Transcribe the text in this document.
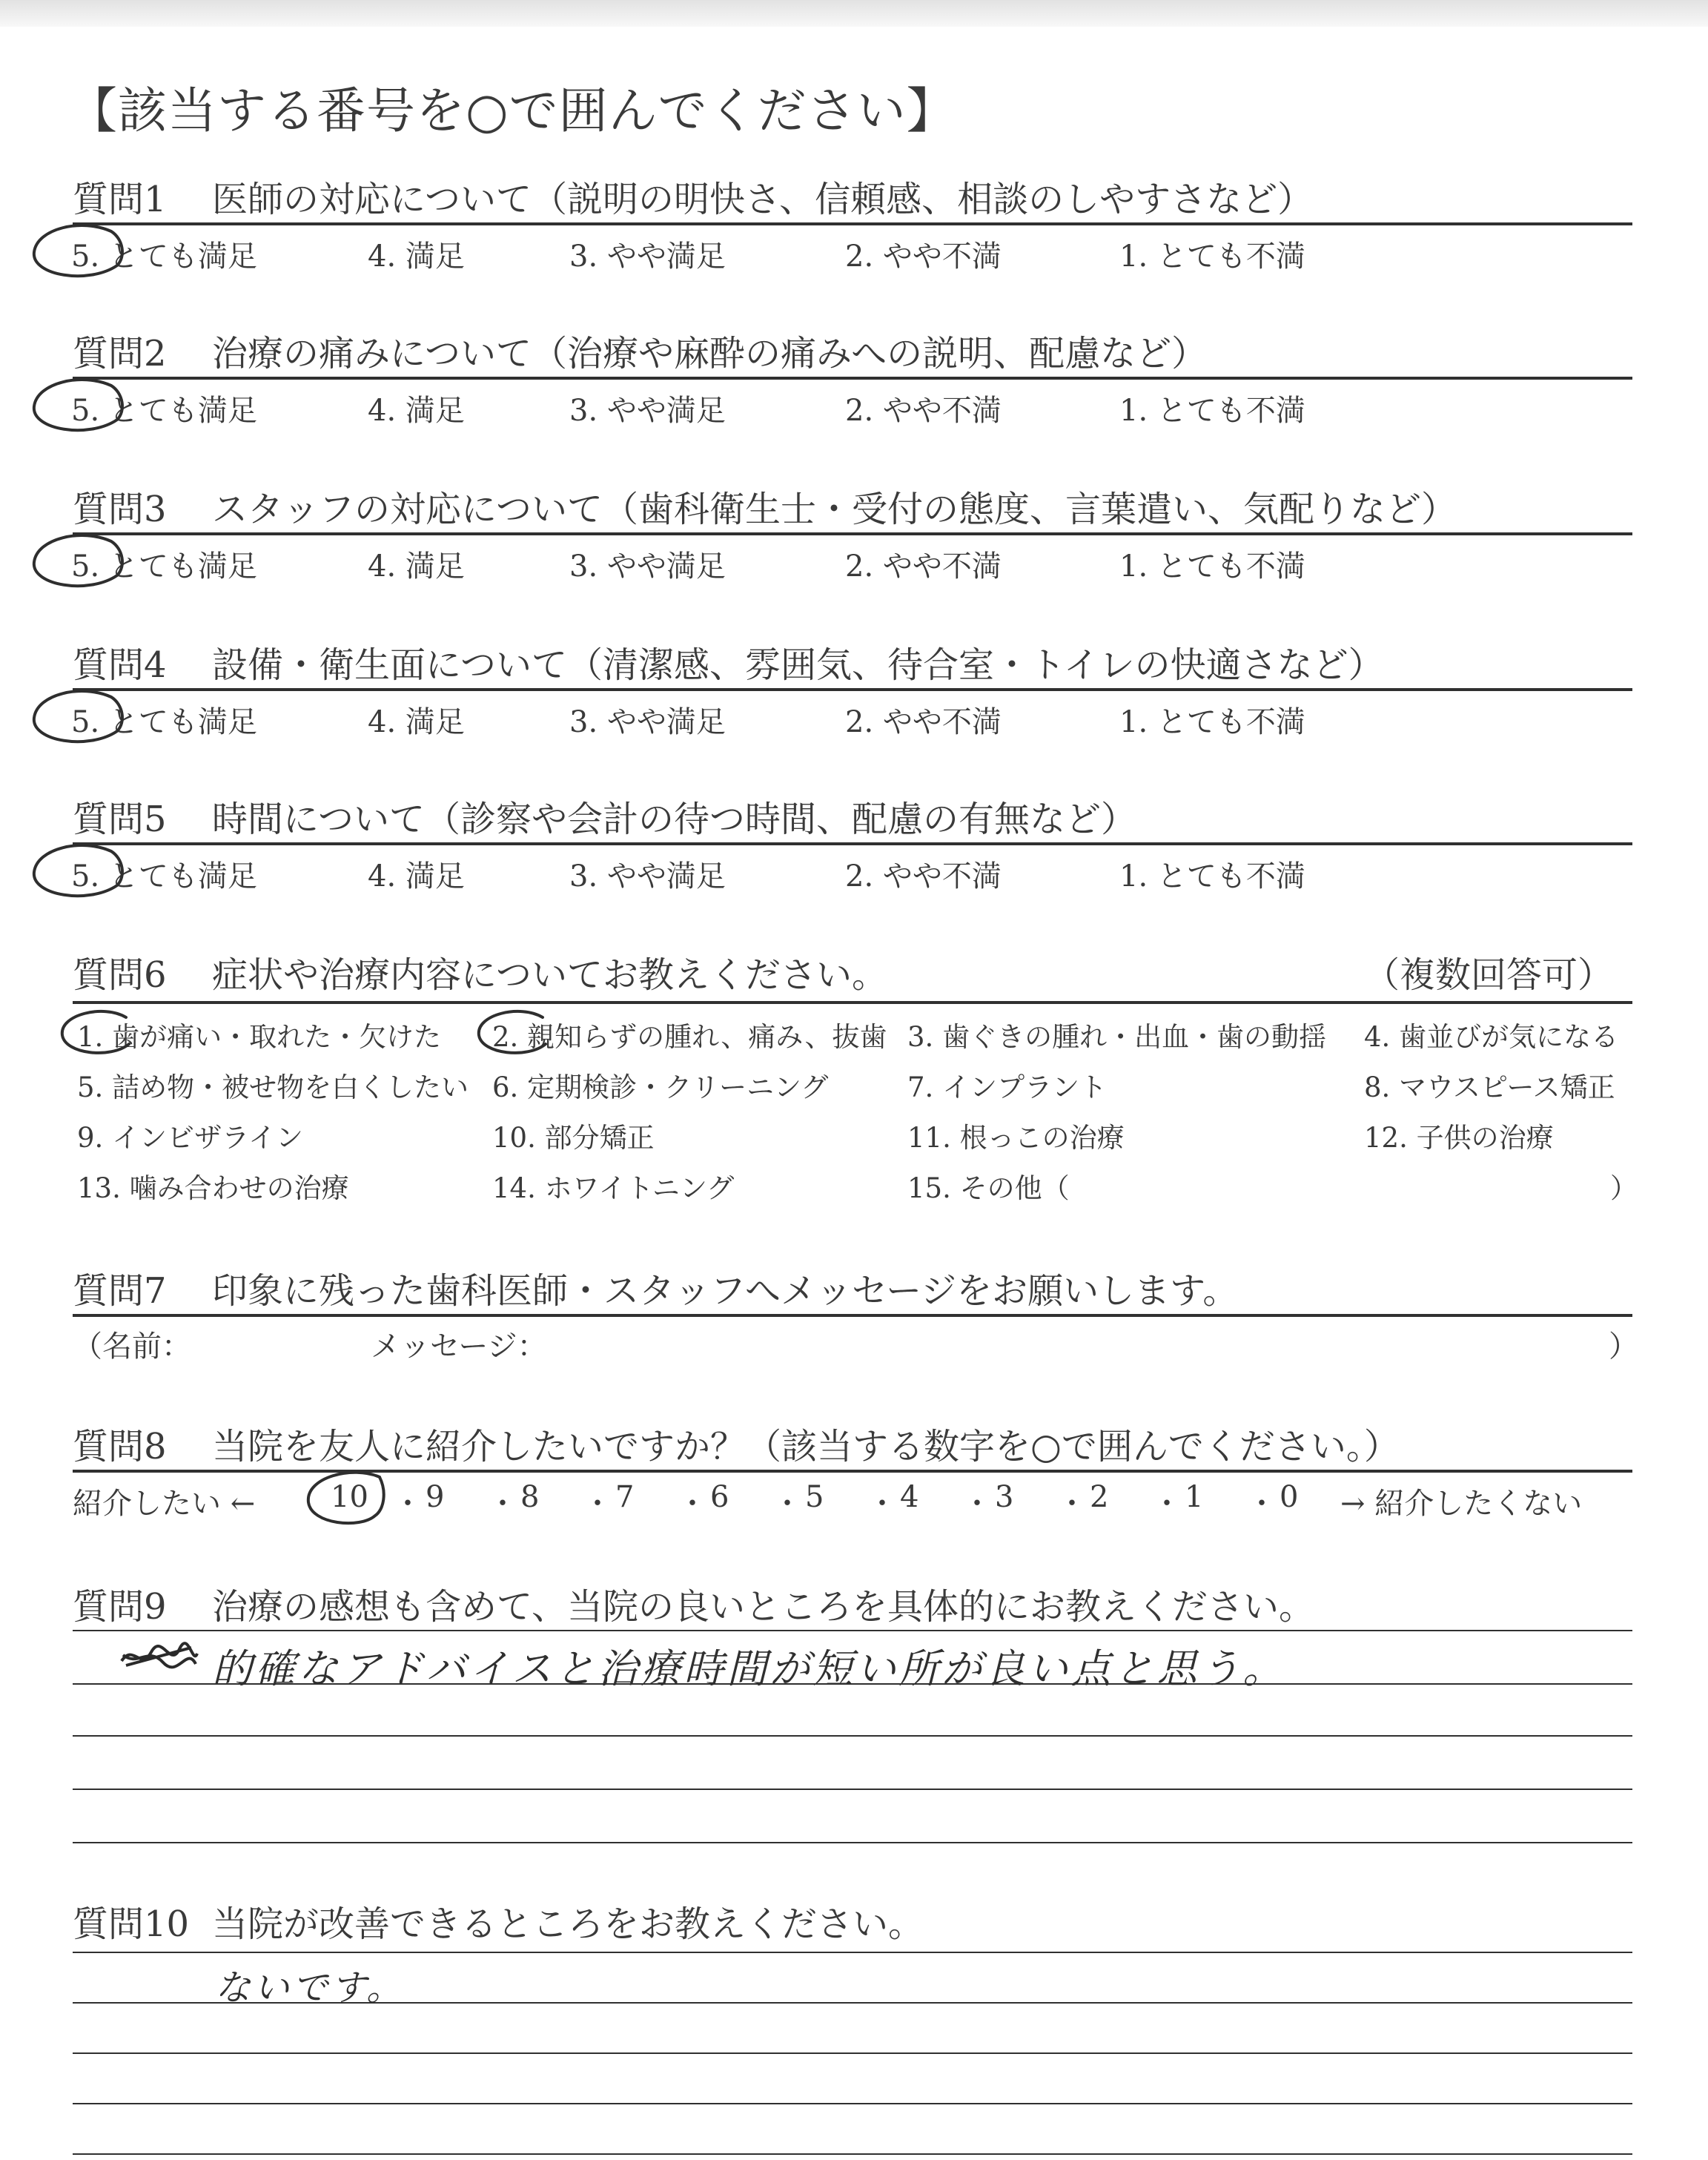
【該当する番号を○で囲んでください】
質問1 医師の対応について（説明の明快さ、信頼感、相談のしやすさなど）
5. とても満足	4. 満足	3. やや満足	2. やや不満	1. とても不満
質問2 治療の痛みについて（治療や麻酔の痛みへの説明、配慮など）
5. とても満足	4. 満足	3. やや満足	2. やや不満	1. とても不満
質問3 スタッフの対応について（歯科衛生士・受付の態度、言葉遣い、気配りなど）
5. とても満足	4. 満足	3. やや満足	2. やや不満	1. とても不満
質問4 設備・衛生面について（清潔感、雰囲気、待合室・トイレの快適さなど）
5. とても満足	4. 満足	3. やや満足	2. やや不満	1. とても不満
質問5 時間について（診察や会計の待つ時間、配慮の有無など）
5. とても満足	4. 満足	3. やや満足	2. やや不満	1. とても不満
質問6 症状や治療内容についてお教えください。	（複数回答可）
1. 歯が痛い・取れた・欠けた 2. 親知らずの腫れ、痛み、抜歯 3. 歯ぐきの腫れ・出血・歯の動揺 4. 歯並びが気になる
5. 詰め物・被せ物を白くしたい 6. 定期検診・クリーニング	7. インプラント	8. マウスピース矯正
9. インビザライン	10. 部分矯正	11. 根っこの治療	12. 子供の治療
13. 噛み合わせの治療	14. ホワイトニング	15. その他（	）
質問7 印象に残った歯科医師・スタッフへメッセージをお願いします。
（名前：	メッセージ：	）
質問8 当院を友人に紹介したいですか？（該当する数字を○で囲んでください。）
紹介したい ←	→ 紹介したくない
10 ・ 9 ・ 8 ・ 7 ・ 6 ・ 5 ・ 4 ・ 3 ・ 2 ・ 1 ・ 0
質問9 治療の感想も含めて、当院の良いところを具体的にお教えください。
的確なアドバイスと治療時間が短い所が良い点と思う。
質問10 当院が改善できるところをお教えください。
ないです。
